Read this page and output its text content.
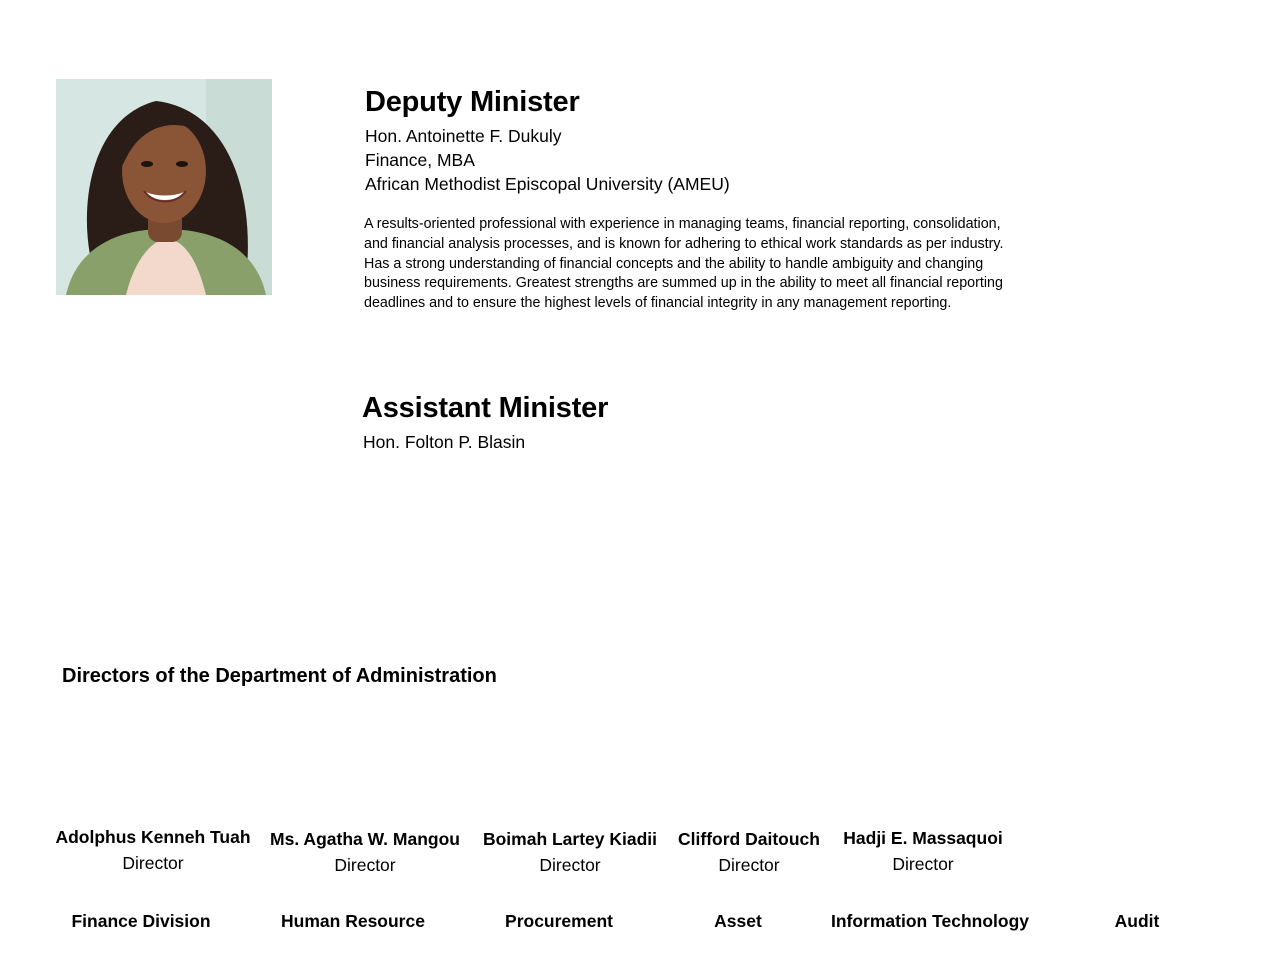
Deputy Minister
Hon. Antoinette F. Dukuly
Finance, MBA
African Methodist Episcopal University (AMEU)
A results-oriented professional with experience in managing teams, financial reporting, consolidation,
and financial analysis processes, and is known for adhering to ethical work standards as per industry.
Has a strong understanding of financial concepts and the ability to handle ambiguity and changing
business requirements. Greatest strengths are summed up in the ability to meet all financial reporting
deadlines and to ensure the highest levels of financial integrity in any management reporting.
Assistant Minister
Hon. Folton P. Blasin
Directors of the Department of Administration
Adolphus Kenneh Tuah
Director
Ms. Agatha W. Mangou
Director
Boimah Lartey Kiadii
Director
Clifford Daitouch
Director
Hadji E. Massaquoi
Director
Finance Division	Human Resource	Procurement	Asset	Information Technology	Audit
